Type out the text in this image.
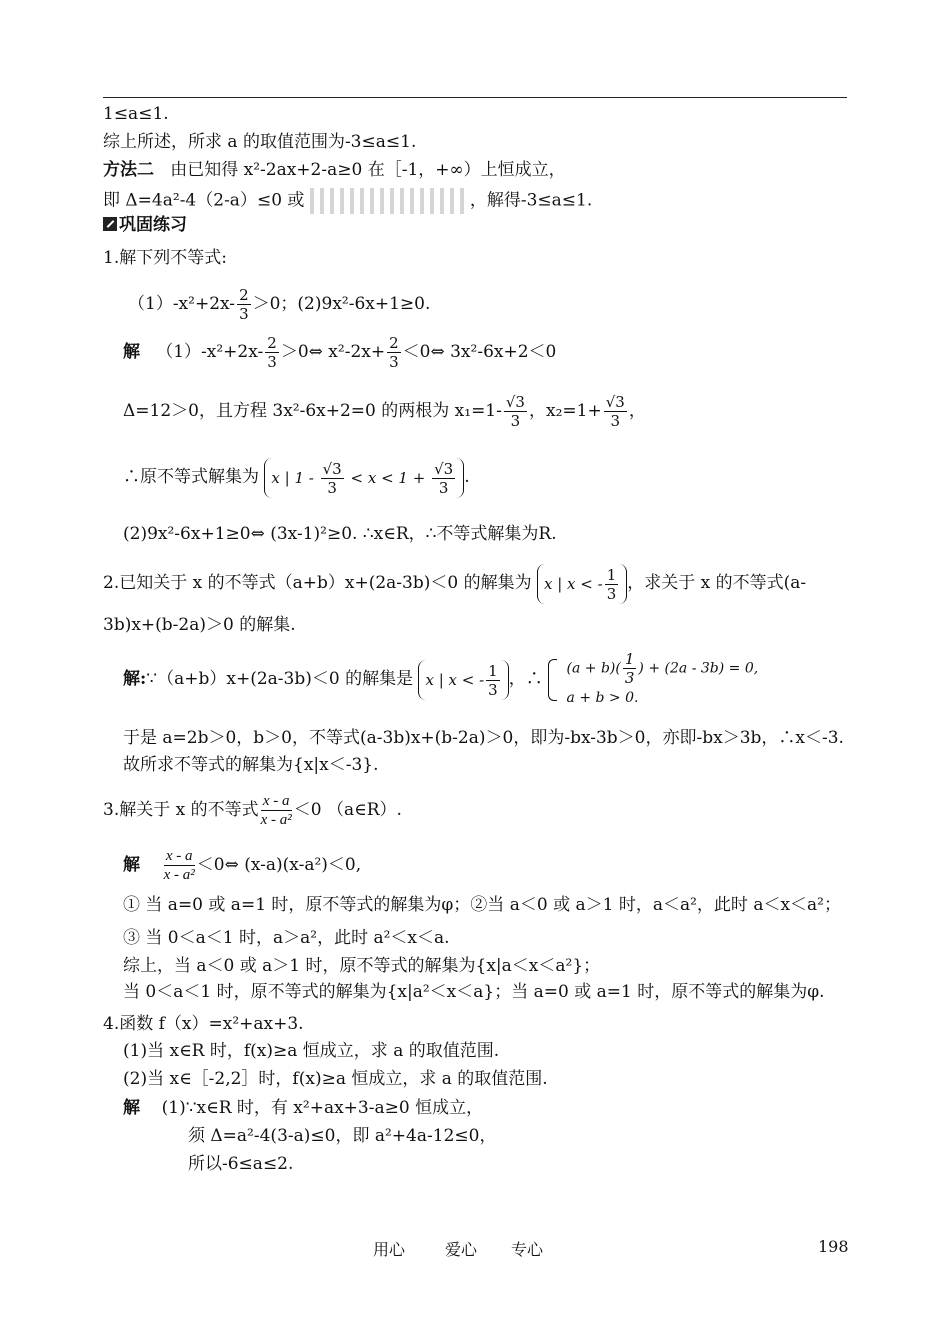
1≤a≤1.
综上所述，所求 a 的取值范围为-3≤a≤1.
方法二 由已知得 x²-2ax+2-a≥0 在［-1，+∞）上恒成立，
即 Δ=4a²-4（2-a）≤0 或	，解得-3≤a≤1.
巩固练习
1.解下列不等式:
$(1)-x^2+2x- \frac{2}{3} >0$；(2)9x²-6x+1≥0.
解 $(1)-x^2+2x- \frac{2}{3}$ ＞0⇔ $x^2-2x+ \frac{2}{3}$ ＜0⇔ 3x²-6x+2＜0
Δ=12＞0，且方程 3x²-6x+2=0 的两根为 $x_1=1- \frac{√3}{3}$ ，$x_2=1+ \frac{√3}{3}$ ，
∴原不等式解集为 x | $1 - \frac{√3}{3} < x < 1 + \frac{√3}{3}$ .
(2)9x²-6x+1≥0⇔ (3x-1)²≥0. ∴x∈R，∴不等式解集为R.
2.已知关于 x 的不等式（a+b）x+(2a-3b)＜0 的解集为 x | x < - $\frac{1}{3}$ ，求关于 x 的不等式(a-
3b)x+(b-2a)＞0 的解集.
解:∵（a+b）x+(2a-3b)＜0 的解集是 x | x < - $\frac{1}{3}$ ，∴  $(a + b)( \frac{1}{3}$ ) + (2a - 3b) = 0,
a + b > 0.
于是 a=2b＞0，b＞0，不等式(a-3b)x+(b-2a)＞0，即为-bx-3b＞0，亦即-bx＞3b，∴x＜-3.
故所求不等式的解集为{x|x＜-3}.
3.解关于 x 的不等式 $\frac{x - a}{\text{x - a²}} <0$ （a∈R）.
解 $\frac{x - a}{\text{x - a²}}$ ＜0⇔ (x-a)(x-a²)＜0,
① 当 a=0 或 a=1 时，原不等式的解集为φ；②当 a＜0 或 a＞1 时，a＜a²，此时 a＜x＜a²；
③ 当 0＜a＜1 时，a＞a²，此时 a²＜x＜a.
综上，当 a＜0 或 a＞1 时，原不等式的解集为{x|a＜x＜a²}；
当 0＜a＜1 时，原不等式的解集为{x|a²＜x＜a}；当 a=0 或 a=1 时，原不等式的解集为φ.
4.函数 f（x）=x²+ax+3.
(1)当 x∈R 时，f(x)≥a 恒成立，求 a 的取值范围.
(2)当 x∈［-2,2］时，f(x)≥a 恒成立，求 a 的取值范围.
解 (1)∵x∈R 时，有 x²+ax+3-a≥0 恒成立，
须 Δ=a²-4(3-a)≤0，即 a²+4a-12≤0，
所以-6≤a≤2.
用心 爱心 专心	198
